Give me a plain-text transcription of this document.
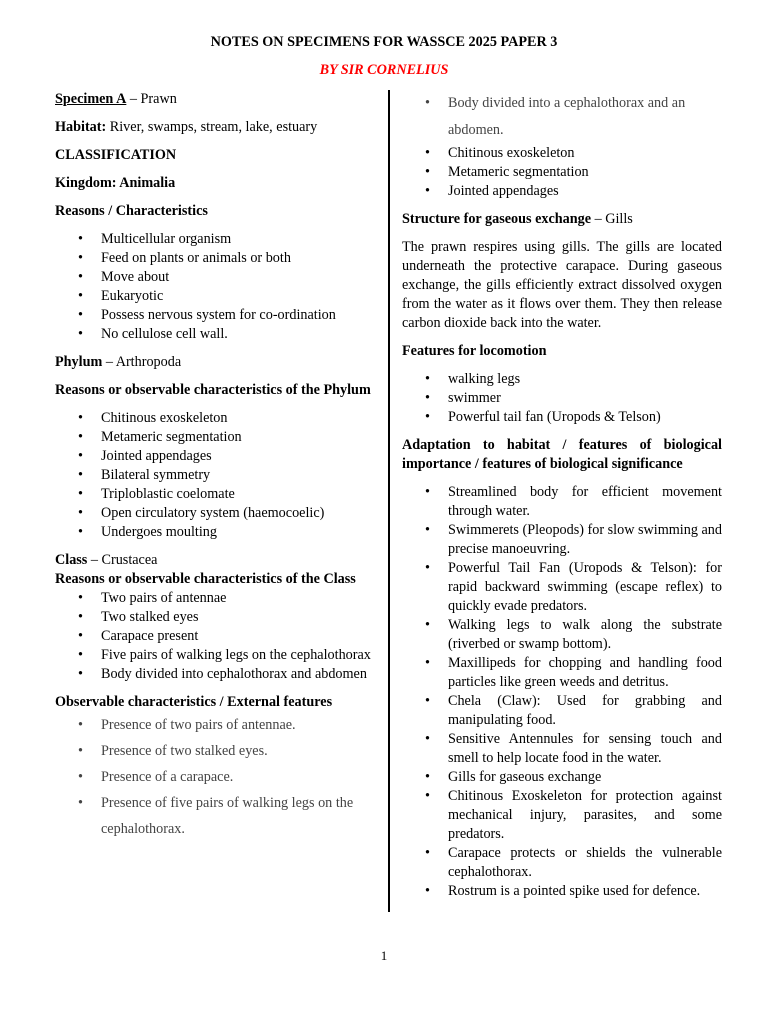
NOTES ON SPECIMENS FOR WASSCE 2025 PAPER 3
BY SIR CORNELIUS

Specimen A – Prawn

Habitat: River, swamps, stream, lake, estuary

CLASSIFICATION

Kingdom: Animalia

Reasons / Characteristics

• Multicellular organism
• Feed on plants or animals or both
• Move about
• Eukaryotic
• Possess nervous system for co-ordination
• No cellulose cell wall.

Phylum – Arthropoda

Reasons or observable characteristics of the Phylum

• Chitinous exoskeleton
• Metameric segmentation
• Jointed appendages
• Bilateral symmetry
• Triploblastic coelomate
• Open circulatory system (haemocoelic)
• Undergoes moulting

Class – Crustacea

Reasons or observable characteristics of the Class

• Two pairs of antennae
• Two stalked eyes
• Carapace present
• Five pairs of walking legs on the cephalothorax
• Body divided into cephalothorax and abdomen

Observable characteristics / External features

• Presence of two pairs of antennae.
• Presence of two stalked eyes.
• Presence of a carapace.
• Presence of five pairs of walking legs on the cephalothorax.
• Body divided into a cephalothorax and an abdomen.
• Chitinous exoskeleton
• Metameric segmentation
• Jointed appendages

Structure for gaseous exchange – Gills

The prawn respires using gills. The gills are located underneath the protective carapace. During gaseous exchange, the gills efficiently extract dissolved oxygen from the water as it flows over them. They then release carbon dioxide back into the water.

Features for locomotion

• walking legs
• swimmer
• Powerful tail fan (Uropods & Telson)

Adaptation to habitat / features of biological importance / features of biological significance

• Streamlined body for efficient movement through water.
• Swimmerets (Pleopods) for slow swimming and precise manoeuvring.
• Powerful Tail Fan (Uropods & Telson): for rapid backward swimming (escape reflex) to quickly evade predators.
• Walking legs to walk along the substrate (riverbed or swamp bottom).
• Maxillipeds for chopping and handling food particles like green weeds and detritus.
• Chela (Claw): Used for grabbing and manipulating food.
• Sensitive Antennules for sensing touch and smell to help locate food in the water.
• Gills for gaseous exchange
• Chitinous Exoskeleton for protection against mechanical injury, parasites, and some predators.
• Carapace protects or shields the vulnerable cephalothorax.
• Rostrum is a pointed spike used for defence.
1
